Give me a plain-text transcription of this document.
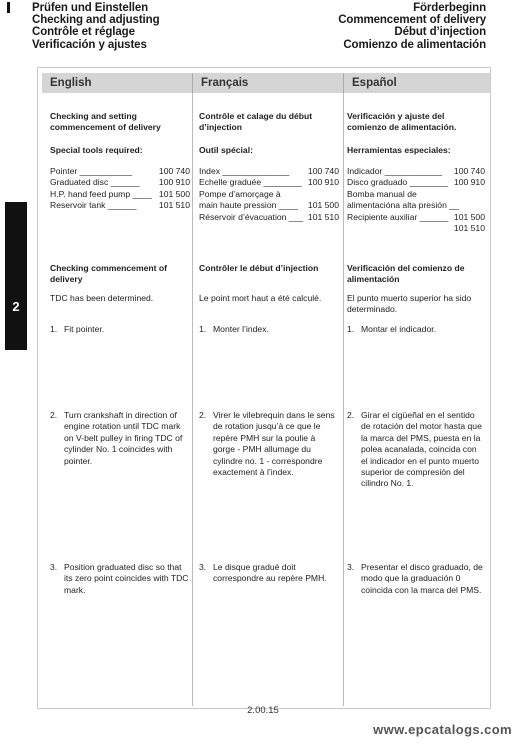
Prüfen und Einstellen
Checking and adjusting
Contrôle et réglage
Verificación y ajustes
Förderbeginn
Commencement of delivery
Début d’injection
Comienzo de alimentación
2
English	Français	Español
Checking and setting commencement of delivery
Special tools required:
Pointer ___________	100 740
Graduated disc ______ 100 910
H.P. hand feed pump ____ 101 500
Reservoir tank ______	101 510
Checking commencement of delivery
TDC has been determined.
1. Fit pointer.
2. Turn crankshaft in direction of engine rotation until TDC mark on V-belt pulley in firing TDC of cylinder No. 1 coincides with pointer.
3. Position graduated disc so that its zero point coincides with TDC mark.
Contrôle et calage du début d’injection
Outil spécial:
Index ______________ 100 740
Echelle graduée ________ 100 910
Pompe d’amorçage à
main haute pression ____ 101 500
Réservoir d’évacuation ___ 101 510
Contrôler le début d’injection
Le point mort haut a été calculé.
1. Monter l’index.
2. Virer le vilebrequin dans le sens de rotation jusqu’à ce que le repère PMH sur la poulie à gorge - PMH allumage du cylindre no. 1 - correspondre exactement à l’index.
3. Le disque gradué doit correspondre au repère PMH.
Verificación y ajuste del comienzo de alimentación.
Herramientas especiales:
Indicador ____________ 100 740
Disco graduado ________ 100 910
Bomba manual de
alimentacióna alta presión __
101 500
Recipiente auxiliar ______
101 510
Verificación del comienzo de alimentación
El punto muerto superior ha sido determinado.
1. Montar el indicador.
2. Girar el cigüeñal en el sentido de rotación del motor hasta que la marca del PMS, puesta en la polea acanalada, coincida con el indicador en el punto muerto superior de compresión del cilindro No. 1.
3. Presentar el disco graduado, de modo que la graduación 0 coincida con la marca del PMS.
2.00.15
www.epcatalogs.com
